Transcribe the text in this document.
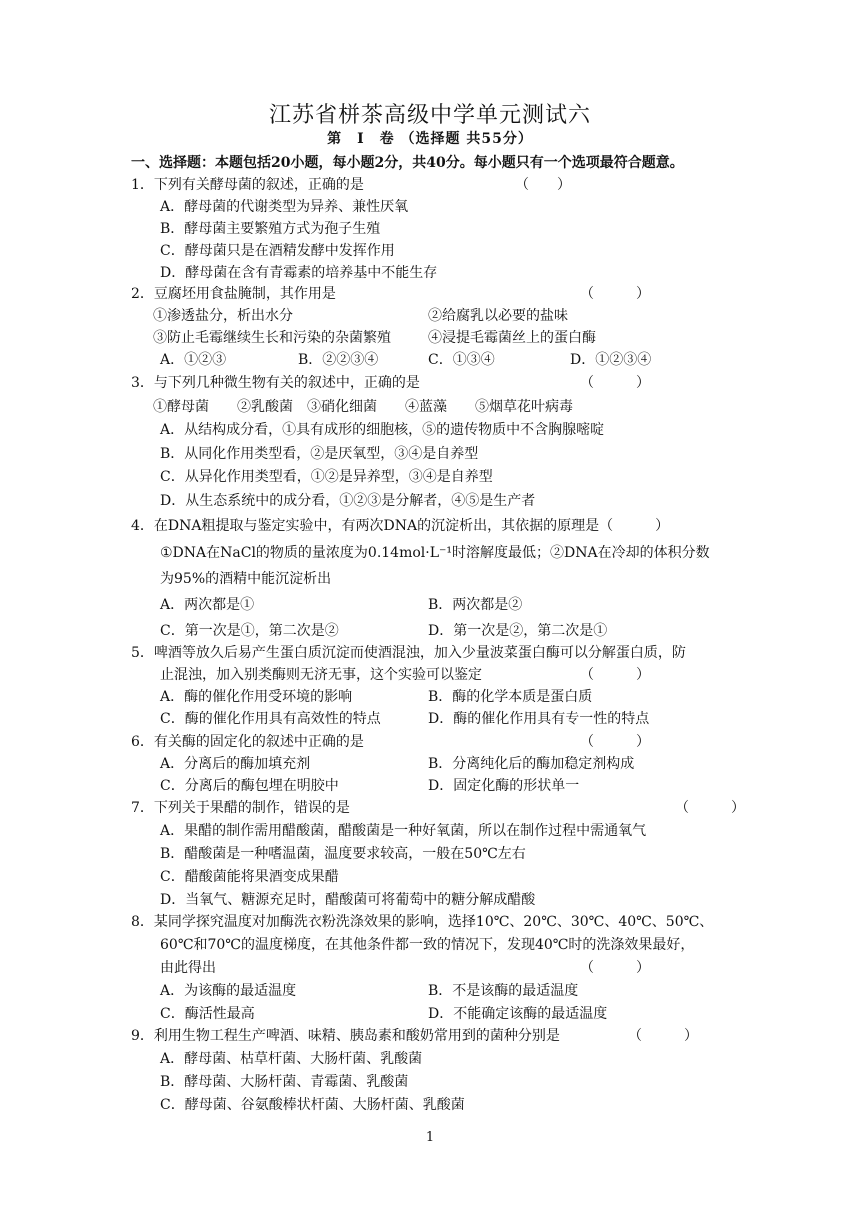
江苏省栟茶高级中学单元测试六
第　Ⅰ　卷 （选择题 共55分）
一、选择题：本题包括20小题，每小题2分，共40分。每小题只有一个选项最符合题意。
1．下列有关酵母菌的叙述，正确的是	（　　）
A．酵母菌的代谢类型为异养、兼性厌氧
B．酵母菌主要繁殖方式为孢子生殖
C．酵母菌只是在酒精发酵中发挥作用
D．酵母菌在含有青霉素的培养基中不能生存
2．豆腐坯用食盐腌制，其作用是	（　　　）
①渗透盐分，析出水分	②给腐乳以必要的盐味
③防止毛霉继续生长和污染的杂菌繁殖	④浸提毛霉菌丝上的蛋白酶
A．①②③	B．②②③④	C．①③④	D．①②③④
3．与下列几种微生物有关的叙述中，正确的是	（　　　）
①酵母菌　　②乳酸菌　③硝化细菌　　④蓝藻　　⑤烟草花叶病毒
A．从结构成分看，①具有成形的细胞核，⑤的遗传物质中不含胸腺嘧啶
B．从同化作用类型看，②是厌氧型，③④是自养型
C．从异化作用类型看，①②是异养型，③④是自养型
D．从生态系统中的成分看，①②③是分解者，④⑤是生产者
4．在DNA粗提取与鉴定实验中，有两次DNA的沉淀析出，其依据的原理是（　　　）
①DNA在NaCl的物质的量浓度为0.14mol·L⁻¹时溶解度最低；②DNA在冷却的体积分数
为95%的酒精中能沉淀析出
A．两次都是①	B．两次都是②
C．第一次是①，第二次是②	D．第一次是②，第二次是①
5．啤酒等放久后易产生蛋白质沉淀而使酒混浊，加入少量波菜蛋白酶可以分解蛋白质，防
止混浊，加入别类酶则无济无事，这个实验可以鉴定	（　　　）
A．酶的催化作用受环境的影响	B．酶的化学本质是蛋白质
C．酶的催化作用具有高效性的特点	D．酶的催化作用具有专一性的特点
6．有关酶的固定化的叙述中正确的是	（　　　）
A．分离后的酶加填充剂	B．分离纯化后的酶加稳定剂构成
C．分离后的酶包埋在明胶中	D．固定化酶的形状单一
7．下列关于果醋的制作，错误的是	（　　　）
A．果醋的制作需用醋酸菌，醋酸菌是一种好氧菌，所以在制作过程中需通氧气
B．醋酸菌是一种嗜温菌，温度要求较高，一般在50℃左右
C．醋酸菌能将果酒变成果醋
D．当氧气、糖源充足时，醋酸菌可将葡萄中的糖分解成醋酸
8．某同学探究温度对加酶洗衣粉洗涤效果的影响，选择10℃、20℃、30℃、40℃、50℃、
60℃和70℃的温度梯度，在其他条件都一致的情况下，发现40℃时的洗涤效果最好，
由此得出	（　　　）
A．为该酶的最适温度	B．不是该酶的最适温度
C．酶活性最高	D．不能确定该酶的最适温度
9．利用生物工程生产啤酒、味精、胰岛素和酸奶常用到的菌种分别是	（　　　）
A．酵母菌、枯草杆菌、大肠杆菌、乳酸菌
B．酵母菌、大肠杆菌、青霉菌、乳酸菌
C．酵母菌、谷氨酸棒状杆菌、大肠杆菌、乳酸菌
1
